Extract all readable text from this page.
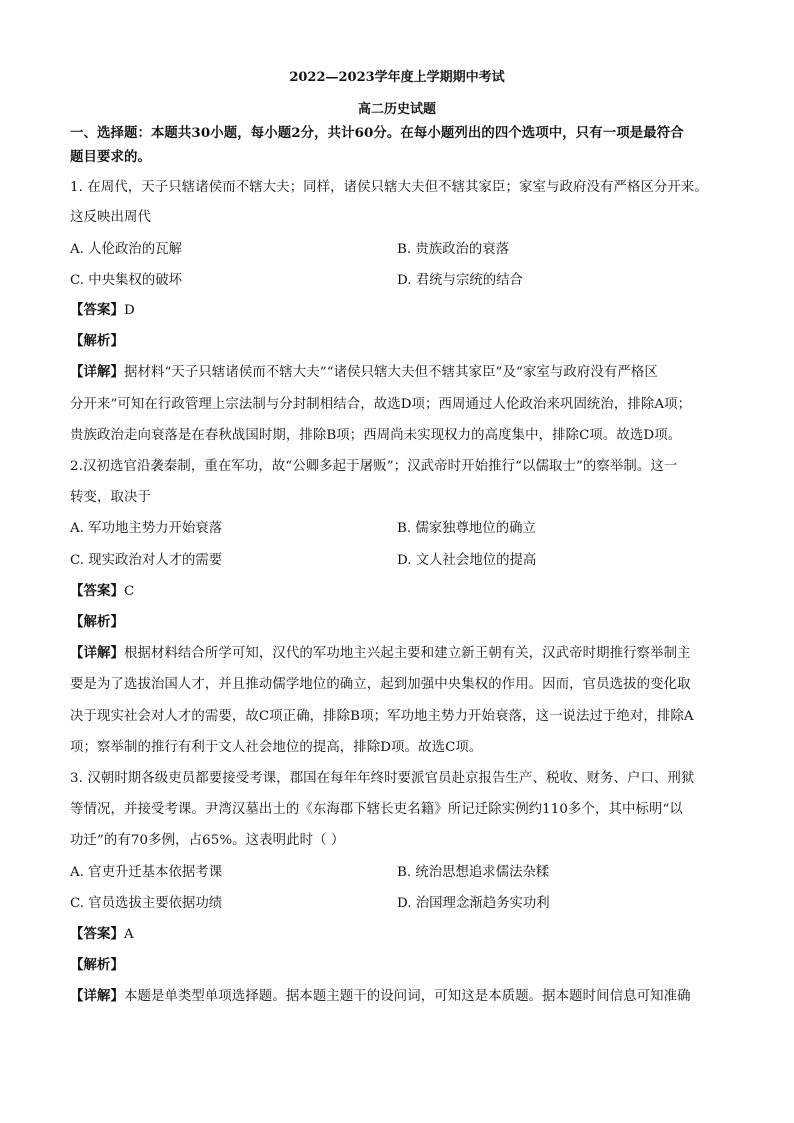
2022—2023学年度上学期期中考试
高二历史试题
一、选择题：本题共30小题，每小题2分，共计60分。在每小题列出的四个选项中，只有一项是最符合
题目要求的。
1. 在周代，天子只辖诸侯而不辖大夫；同样，诸侯只辖大夫但不辖其家臣；家室与政府没有严格区分开来。
这反映出周代
A. 人伦政治的瓦解	B. 贵族政治的衰落
C. 中央集权的破坏	D. 君统与宗统的结合
【答案】D
【解析】
【详解】据材料“天子只辖诸侯而不辖大夫”“诸侯只辖大夫但不辖其家臣”及“家室与政府没有严格区
分开来”可知在行政管理上宗法制与分封制相结合，故选D项；西周通过人伦政治来巩固统治，排除A项；
贵族政治走向衰落是在春秋战国时期，排除B项；西周尚未实现权力的高度集中，排除C项。故选D项。
2.汉初选官沿袭秦制，重在军功，故“公卿多起于屠贩”；汉武帝时开始推行“以儒取士”的察举制。这一
转变，取决于
A. 军功地主势力开始衰落	B. 儒家独尊地位的确立
C. 现实政治对人才的需要	D. 文人社会地位的提高
【答案】C
【解析】
【详解】根据材料结合所学可知，汉代的军功地主兴起主要和建立新王朝有关，汉武帝时期推行察举制主
要是为了选拔治国人才，并且推动儒学地位的确立，起到加强中央集权的作用。因而，官员选拔的变化取
决于现实社会对人才的需要，故C项正确，排除B项；军功地主势力开始衰落，这一说法过于绝对，排除A
项；察举制的推行有利于文人社会地位的提高，排除D项。故选C项。
3. 汉朝时期各级吏员都要接受考课，郡国在每年年终时要派官员赴京报告生产、税收、财务、户口、刑狱
等情况，并接受考课。尹湾汉墓出土的《东海郡下辖长吏名籍》所记迁除实例约110多个，其中标明“以
功迁”的有70多例，占65%。这表明此时（ ）
A. 官吏升迁基本依据考课	B. 统治思想追求儒法杂糅
C. 官员选拔主要依据功绩	D. 治国理念渐趋务实功利
【答案】A
【解析】
【详解】本题是单类型单项选择题。据本题主题干的设问词，可知这是本质题。据本题时间信息可知准确
